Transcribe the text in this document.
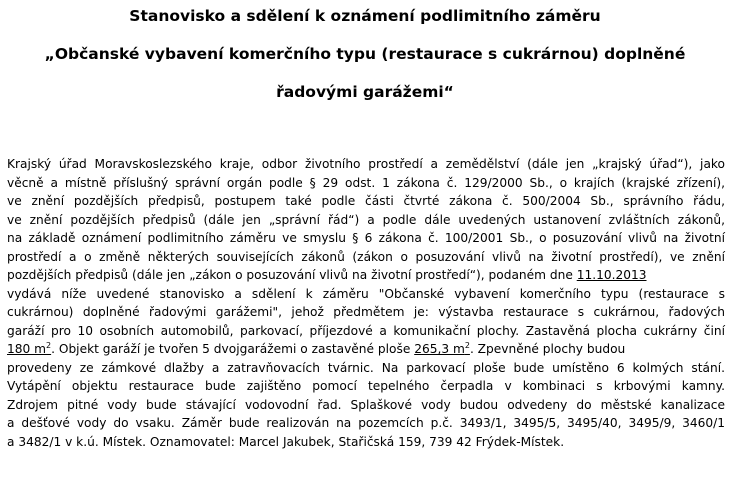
Stanovisko a sdělení k oznámení podlimitního záměru
„Občanské vybavení komerčního typu (restaurace s cukrárnou) doplněné
řadovými garážemi“
Krajský úřad Moravskoslezského kraje, odbor životního prostředí a zemědělství (dále jen „krajský úřad“), jako
věcně a místně příslušný správní orgán podle § 29 odst. 1 zákona č. 129/2000 Sb., o krajích (krajské zřízení),
ve znění pozdějších předpisů, postupem také podle části čtvrté zákona č. 500/2004 Sb., správního řádu,
ve znění pozdějších předpisů (dále jen „správní řád“) a podle dále uvedených ustanovení zvláštních zákonů,
na základě oznámení podlimitního záměru ve smyslu § 6 zákona č. 100/2001 Sb., o posuzování vlivů na životní
prostředí a o změně některých souvisejících zákonů (zákon o posuzování vlivů na životní prostředí), ve znění
pozdějších předpisů (dále jen „zákon o posuzování vlivů na životní prostředí“), podaném dne 11.10.2013
vydává níže uvedené stanovisko a sdělení k záměru "Občanské vybavení komerčního typu (restaurace s
cukrárnou) doplněné řadovými garážemi", jehož předmětem je: výstavba restaurace s cukrárnou, řadových
garáží pro 10 osobních automobilů, parkovací, příjezdové a komunikační plochy. Zastavěná plocha cukrárny činí
180 $m^2$. Objekt garáží je tvořen 5 dvojgarážemi o zastavěné ploše 265,3 $m^2$. Zpevněné plochy budou
provedeny ze zámkové dlažby a zatravňovacích tvárnic. Na parkovací ploše bude umístěno 6 kolmých stání.
Vytápění objektu restaurace bude zajištěno pomocí tepelného čerpadla v kombinaci s krbovými kamny.
Zdrojem pitné vody bude stávající vodovodní řad. Splaškové vody budou odvedeny do městské kanalizace
a dešťové vody do vsaku. Záměr bude realizován na pozemcích p.č. 3493/1, 3495/5, 3495/40, 3495/9, 3460/1
a 3482/1 v k.ú. Místek. Oznamovatel: Marcel Jakubek, Stařičská 159, 739 42 Frýdek-Místek.
